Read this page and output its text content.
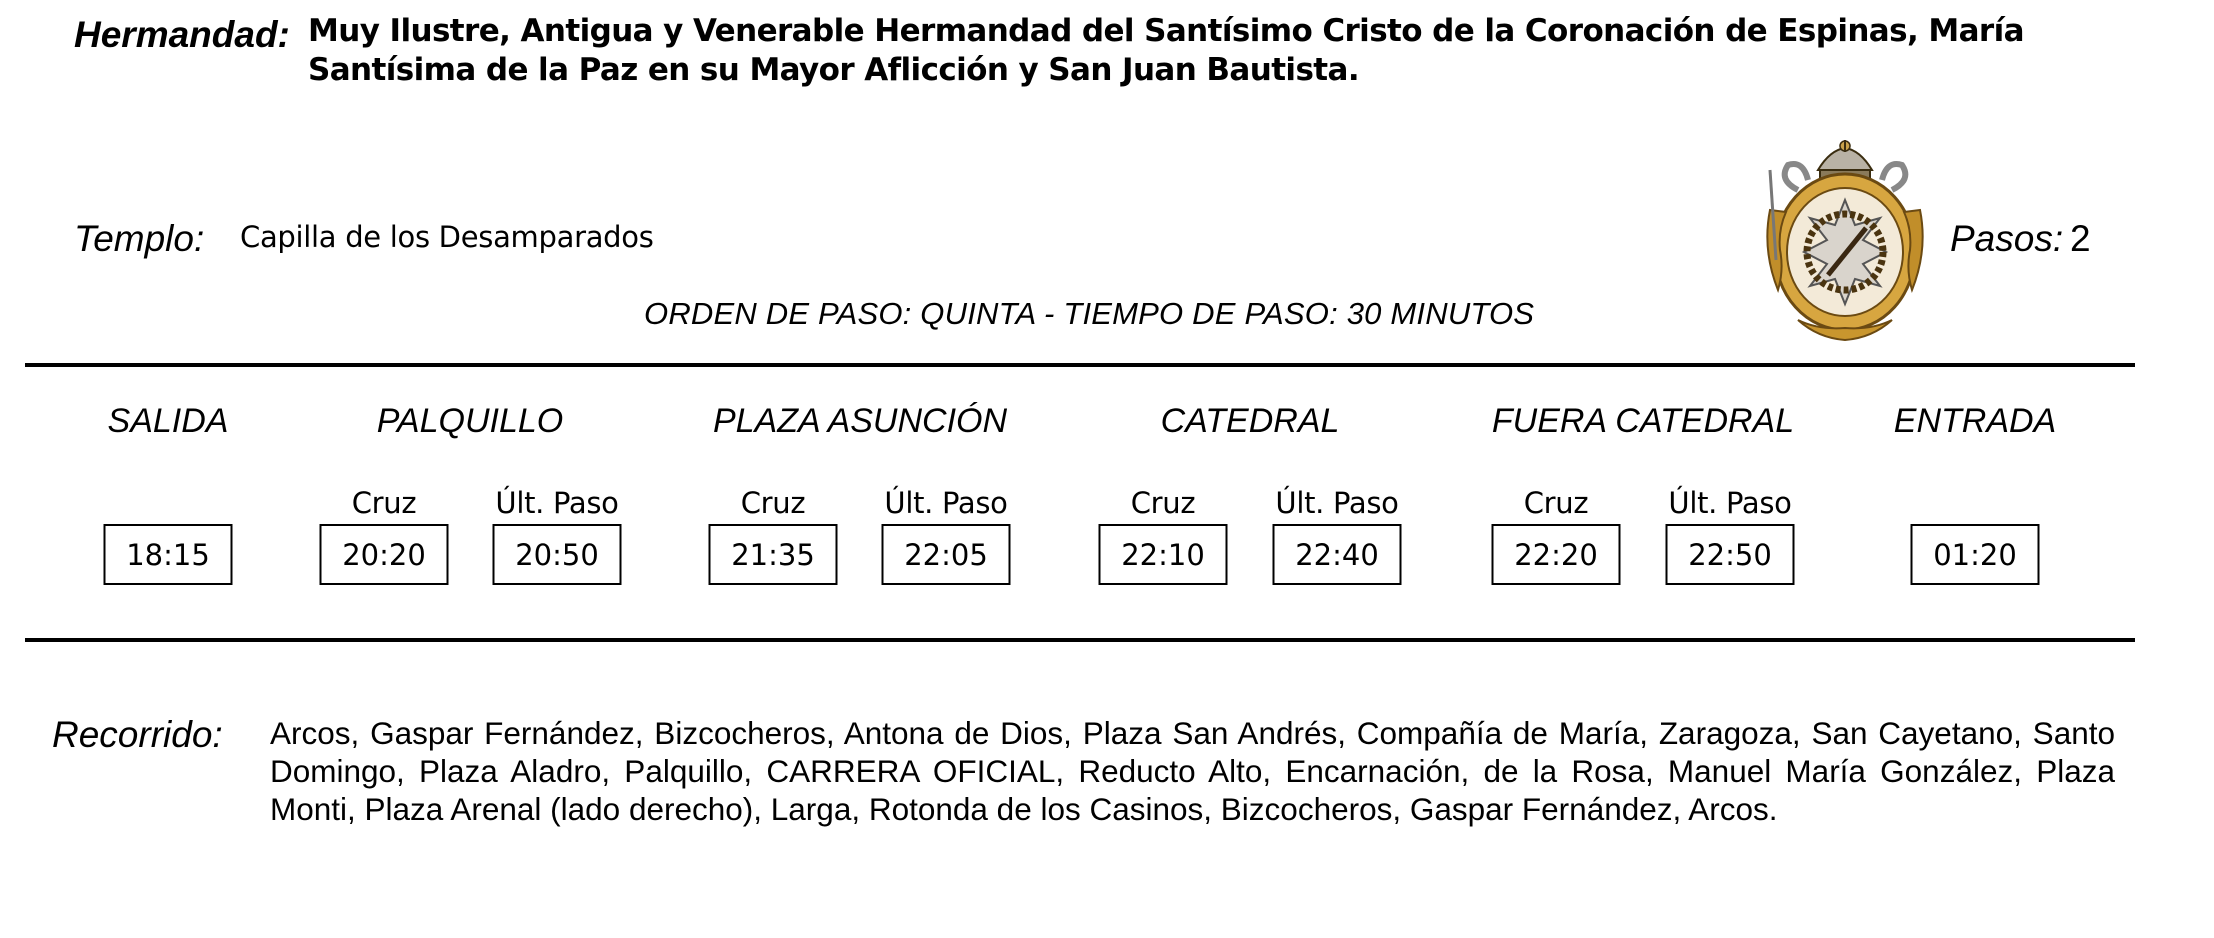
Hermandad: Muy Ilustre, Antigua y Venerable Hermandad del Santísimo Cristo de la Coronación de Espinas, María Santísima de la Paz en su Mayor Aflicción y San Juan Bautista.
Templo: Capilla de los Desamparados
ORDEN DE PASO: QUINTA - TIEMPO DE PASO: 30 MINUTOS
Pasos: 2
SALIDA	PALQUILLO	PLAZA ASUNCIÓN	CATEDRAL	FUERA CATEDRAL	ENTRADA
Cruz	Últ. Paso	Cruz	Últ. Paso	Cruz	Últ. Paso	Cruz	Últ. Paso
18:15	20:20	20:50	21:35	22:05	22:10	22:40	22:20	22:50	01:20
Recorrido: Arcos, Gaspar Fernández, Bizcocheros, Antona de Dios, Plaza San Andrés, Compañía de María, Zaragoza, San Cayetano, Santo Domingo, Plaza Aladro, Palquillo, CARRERA OFICIAL, Reducto Alto, Encarnación, de la Rosa, Manuel María González, Plaza Monti, Plaza Arenal (lado derecho), Larga, Rotonda de los Casinos, Bizcocheros, Gaspar Fernández, Arcos.
